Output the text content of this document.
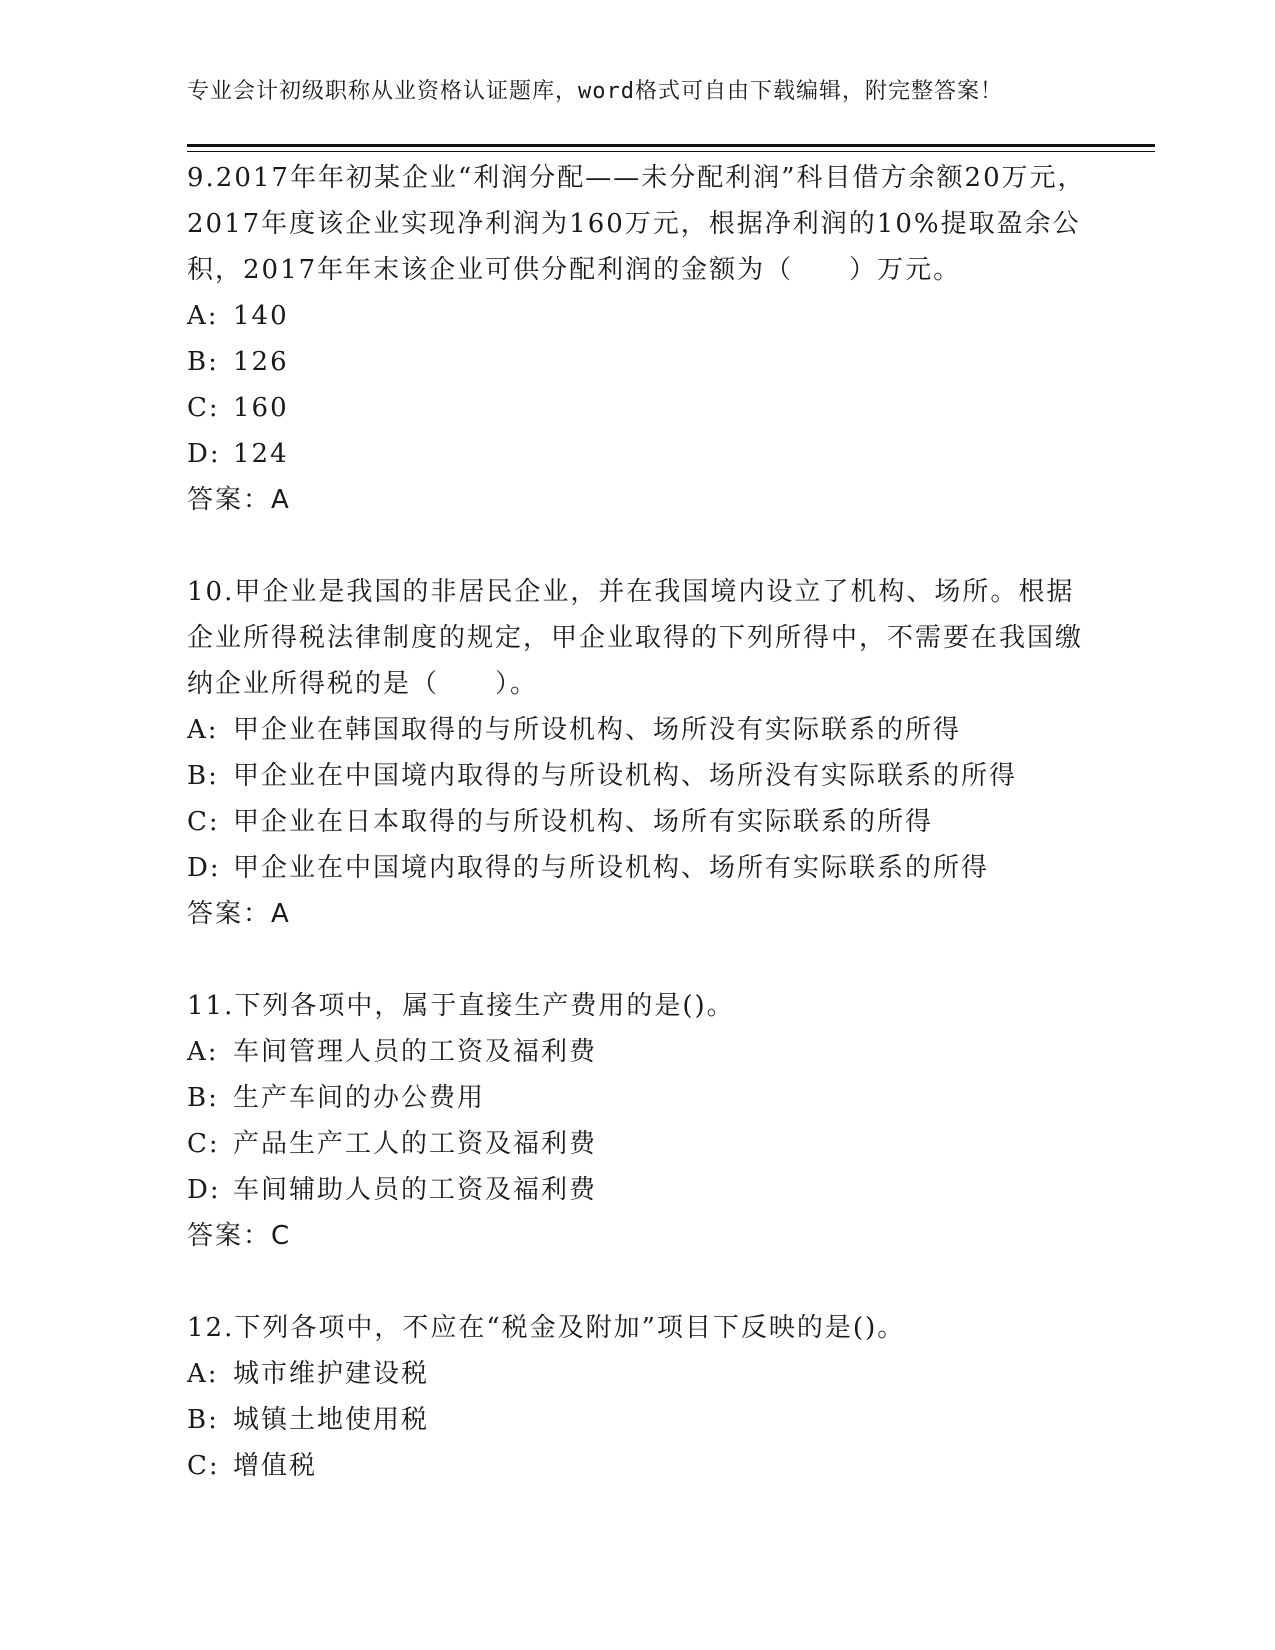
专业会计初级职称从业资格认证题库，word格式可自由下载编辑，附完整答案！

9.2017年年初某企业“利润分配——未分配利润”科目借方余额20万元，2017年度该企业实现净利润为160万元，根据净利润的10%提取盈余公积，2017年年末该企业可供分配利润的金额为（　　）万元。

A: 140
B: 126
C: 160
D: 124

答案：A

10.甲企业是我国的非居民企业，并在我国境内设立了机构、场所。根据企业所得税法律制度的规定，甲企业取得的下列所得中，不需要在我国缴纳企业所得税的是（　　）。

A: 甲企业在韩国取得的与所设机构、场所没有实际联系的所得
B: 甲企业在中国境内取得的与所设机构、场所没有实际联系的所得
C: 甲企业在日本取得的与所设机构、场所有实际联系的所得
D: 甲企业在中国境内取得的与所设机构、场所有实际联系的所得

答案：A

11.下列各项中，属于直接生产费用的是()。

A: 车间管理人员的工资及福利费
B: 生产车间的办公费用
C: 产品生产工人的工资及福利费
D: 车间辅助人员的工资及福利费

答案：C

12.下列各项中，不应在“税金及附加”项目下反映的是()。

A: 城市维护建设税
B: 城镇土地使用税
C: 增值税
